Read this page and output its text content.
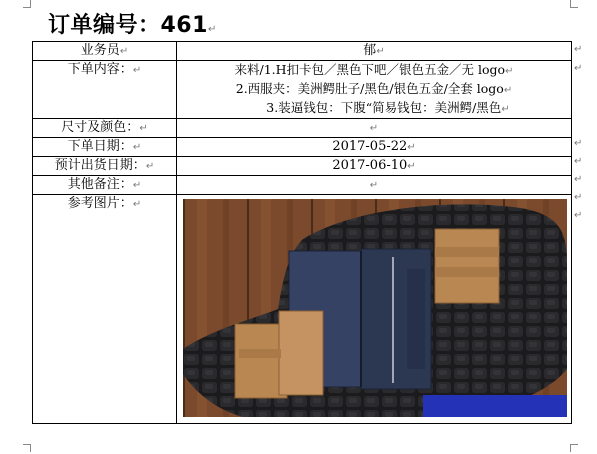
订单编号：461↵
业务员↵	郁↵
下单内容：↵	来料/1.H扣卡包／黑色下吧／银色五金／无 logo↵
2.西服夹：美洲鳄肚子/黑色/银色五金/全套 logo↵
3.装逼钱包：下腹“简易钱包：美洲鳄/黑色↵

尺寸及颜色：↵	↵
下单日期：↵	2017-05-22↵
预计出货日期：↵	2017-06-10↵
其他备注：↵	↵
参考图片：↵	
↵
↵
↵
↵
↵
↵
↵
